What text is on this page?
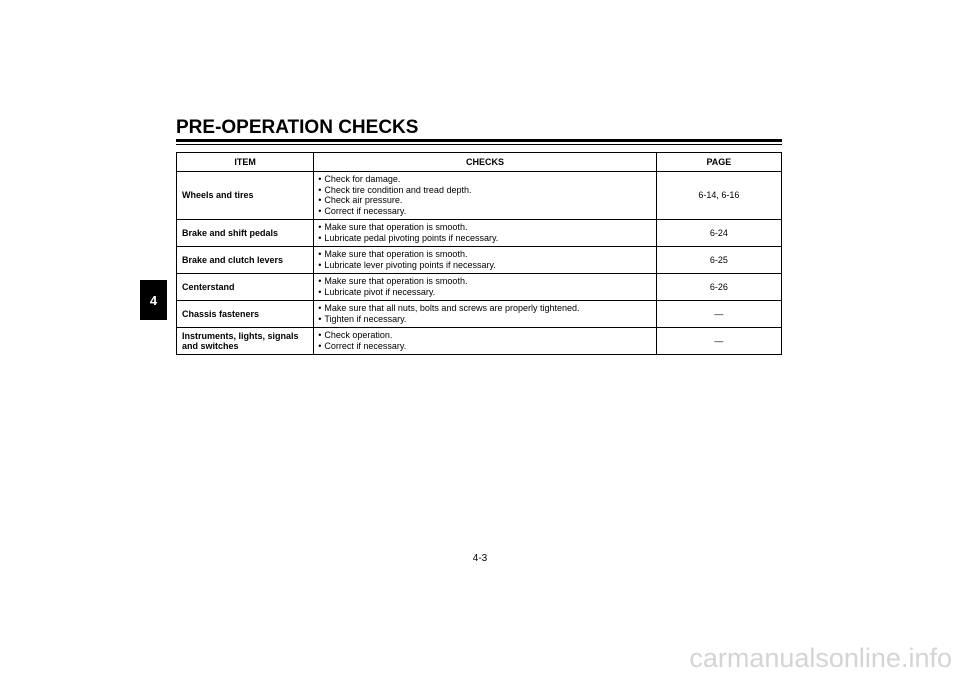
PRE-OPERATION CHECKS
4
ITEM	CHECKS	PAGE
Wheels and tires	• Check for damage.
• Check tire condition and tread depth.
• Check air pressure.
• Correct if necessary.	6-14, 6-16
Brake and shift pedals	• Make sure that operation is smooth.
• Lubricate pedal pivoting points if necessary.	6-24
Brake and clutch levers	• Make sure that operation is smooth.
• Lubricate lever pivoting points if necessary.	6-25
Centerstand	• Make sure that operation is smooth.
• Lubricate pivot if necessary.	6-26
Chassis fasteners	• Make sure that all nuts, bolts and screws are properly tightened.
• Tighten if necessary.	—
Instruments, lights, signals and switches	• Check operation.
• Correct if necessary.	—
4-3
carmanualsonline.info
